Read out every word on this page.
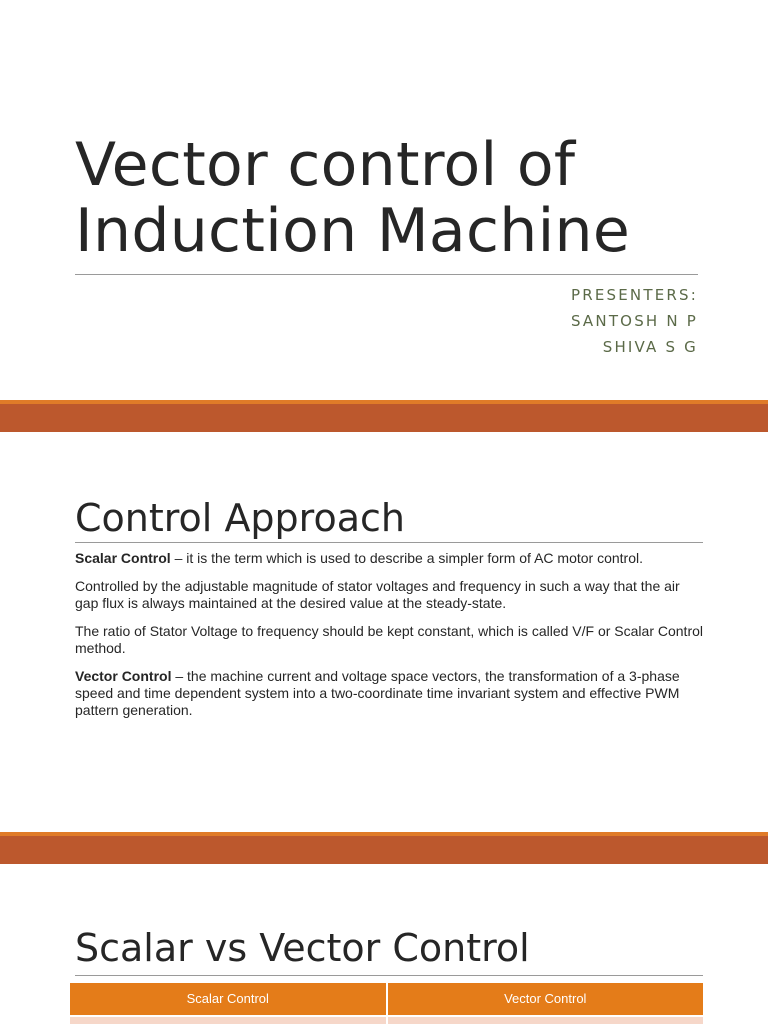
Vector control of
Induction Machine
PRESENTERS:
SANTOSH N P
SHIVA S G
Control Approach

Scalar Control – it is the term which is used to describe a simpler form of AC motor control.

Controlled by the adjustable magnitude of stator voltages and frequency in such a way that the air gap flux is always maintained at the desired value at the steady-state.

The ratio of Stator Voltage to frequency should be kept constant, which is called V/F or Scalar Control method.

Vector Control – the machine current and voltage space vectors, the transformation of a 3-phase speed and time dependent system into a two-coordinate time invariant system and effective PWM pattern generation.

Scalar vs Vector Control
Scalar Control	Vector Control
